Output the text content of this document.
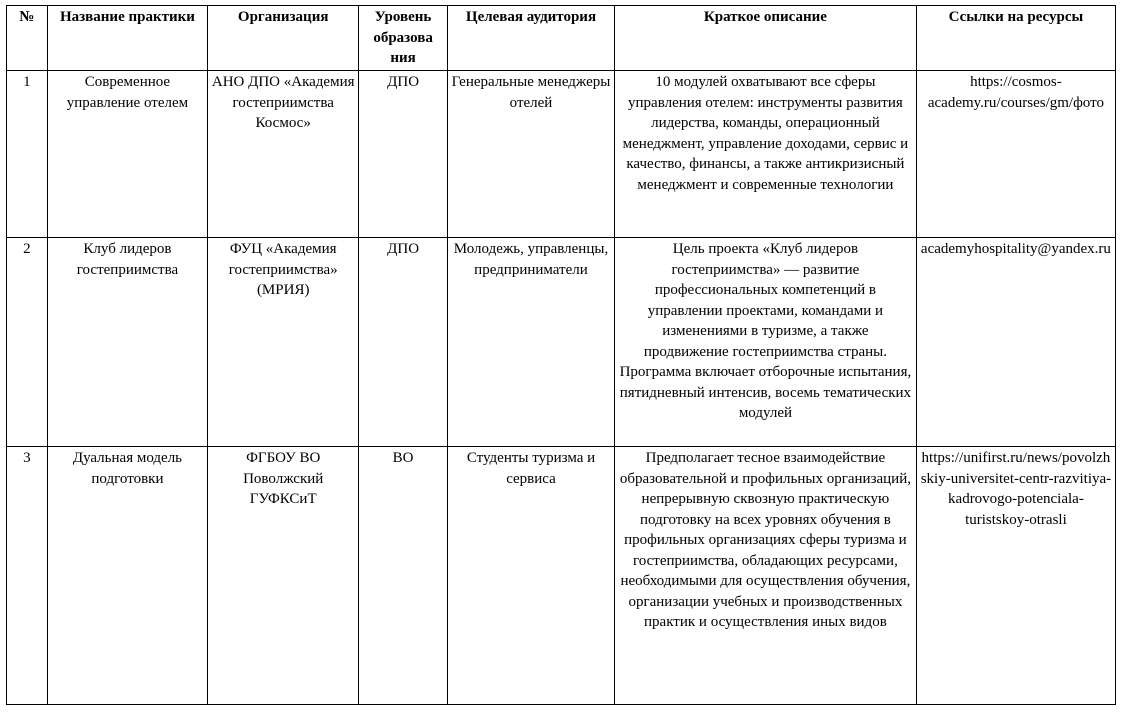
№	Название практики	Организация	Уровень образова ния	Целевая аудитория	Краткое описание	Ссылки на ресурсы

1	Современное управление отелем	АНО ДПО «Академия гостеприимства Космос»	ДПО	Генеральные менеджеры отелей	10 модулей охватывают все сферы управления отелем: инструменты развития лидерства, команды, операционный менеджмент, управление доходами, сервис и качество, финансы, а также антикризисный менеджмент и современные технологии	https://cosmos-academy.ru/courses/gm/фото

2	Клуб лидеров гостеприимства	ФУЦ «Академия гостеприимства» (МРИЯ)	ДПО	Молодежь, управленцы, предприниматели	Цель проекта «Клуб лидеров гостеприимства» — развитие профессиональных компетенций в управлении проектами, командами и изменениями в туризме, а также продвижение гостеприимства страны. Программа включает отборочные испытания, пятидневный интенсив, восемь тематических модулей	academyhospitality@yandex.ru

3	Дуальная модель подготовки	ФГБОУ ВО Поволжский ГУФКСиТ	ВО	Студенты туризма и сервиса	Предполагает тесное взаимодействие образовательной и профильных организаций, непрерывную сквозную практическую подготовку на всех уровнях обучения в профильных организациях сферы туризма и гостеприимства, обладающих ресурсами, необходимыми для осуществления обучения, организации учебных и производственных практик и осуществления иных видов	https://unifirst.ru/news/povolzhskiy-universitet-centr-razvitiya-kadrovogo-potenciala-turistskoy-otrasli
